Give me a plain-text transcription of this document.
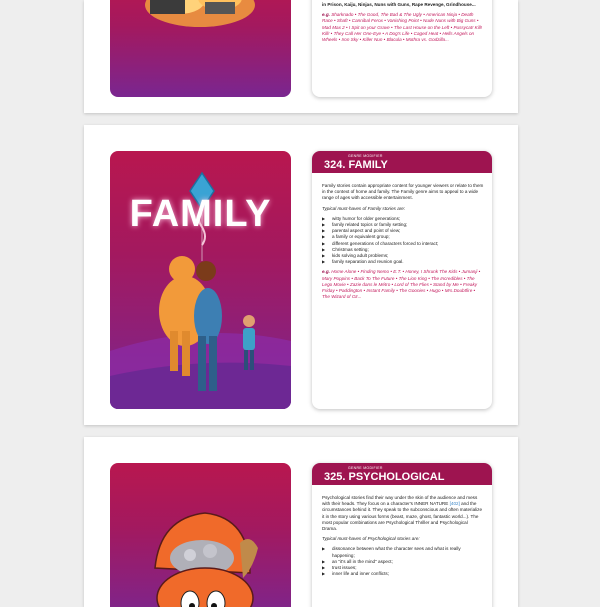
in Prison, Kaiju, Ninjas, Nuns with Guns, Rape Revenge, Grindhouse...

e.g. Sharknado • The Good, The Bad & The Ugly • American Ninja • Death Race • Shaft • Cannibal Ferox • Vanishing Point • Nude Nuns with Big Guns • Mad Max 2 • I Spit on your Grave • The Last House on the Left • Pussycat! Kill! Kill! • They Call Her One-Eye • A Dog's Life • Caged Heat • Hells Angels on Wheels • Iron Sky • Killer Nun • Blacula • Mothra vs. Godzilla...

FAMILY
GENRE MODIFIER
324. FAMILY

Family stories contain appropriate content for younger viewers or relate to them in the context of home and family. The Family genre aims to appeal to a wide range of ages with accessible entertainment.

Typical must-haves of Family stories are:

▶ witty humor for older generations;
▶ family related topics or family setting;
▶ parental aspect and point of view;
▶ a family or equivalent group;
▶ different generations of characters forced to interact;
▶ Christmas setting;
▶ kids solving adult problems;
▶ family separation and reunion goal.

e.g. Home Alone • Finding Nemo • E.T. • Honey, I Shrunk The Kids • Jumanji • Mary Poppins • Back To The Future • The Lion King • The Incredibles • The Lego Movie • Zazie dans le Métro • Lord of The Flies • Stand by Me • Freaky Friday • Paddington • Instant Family • The Goonies • Hugo • Mrs.Doubtfire • The Wizard of Oz...

GENRE MODIFIER
325. PSYCHOLOGICAL

Psychological stories find their way under the skin of the audience and mess with their heads. They focus on a character's INNER NATURE [402] and the circumstances behind it. They speak to the subconscious and often materialize it in the story using various forms (beast, maze, ghost, fantastic world...). The most popular combinations are Psychological Thriller and Psychological Drama.

Typical must-haves of Psychological stories are:

▶ dissonance between what the character sees and what is really happening;
▶ an "it's all in the mind" aspect;
▶ trust issues;
▶ inner life and inner conflicts;
